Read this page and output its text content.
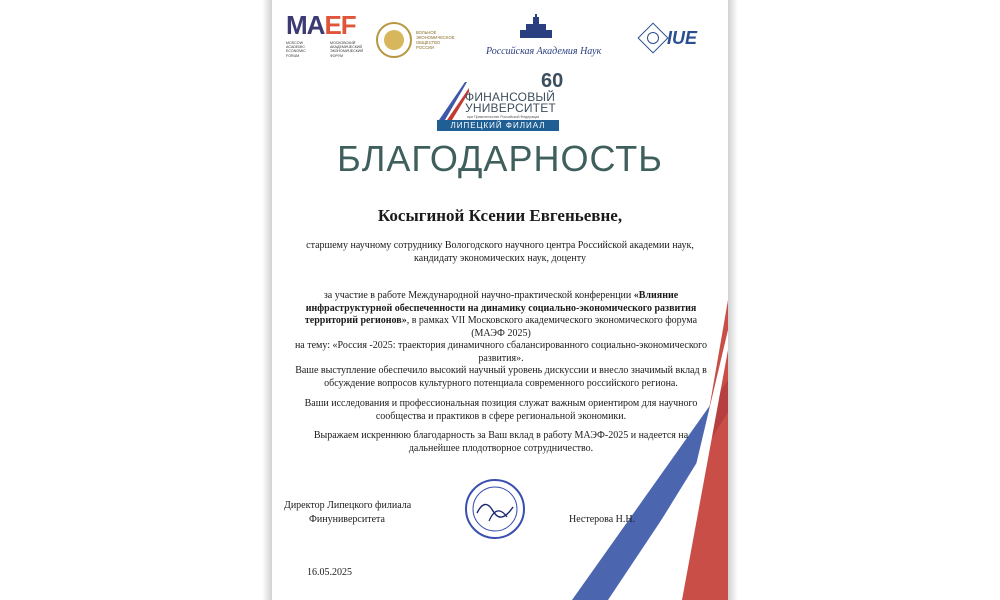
MAEF
MOSCOW
ACADEMIC
ECONOMIC
FORUM
МОСКОВСКИЙ
АКАДЕМИЧЕСКИЙ
ЭКОНОМИЧЕСКИЙ
ФОРУМ
ВОЛЬНОЕ
ЭКОНОМИЧЕСКОЕ
ОБЩЕСТВО
РОССИИ	Российская Академия Наук
IUE
60
ФИНАНСОВЫЙ
УНИВЕРСИТЕТ
при Правительстве Российской Федерации
ЛИПЕЦКИЙ ФИЛИАЛ
БЛАГОДАРНОСТЬ
Косыгиной Ксении Евгеньевне,
старшему научному сотруднику Вологодского научного центра Российской академии наук, кандидату экономических наук, доценту
за участие в работе Международной научно-практической конференции «Влияние инфраструктурной обеспеченности на динамику социально-экономического развития территорий регионов», в рамках VII Московского академического экономического форума (МАЭФ 2025)
на тему: «Россия -2025: траектория динамичного сбалансированного социально-экономического развития».
Ваше выступление обеспечило высокий научный уровень дискуссии и внесло значимый вклад в обсуждение вопросов культурного потенциала современного российского региона.
Ваши исследования и профессиональная позиция служат важным ориентиром для научного сообщества и практиков в сфере региональной экономики.
Выражаем искреннюю благодарность за Ваш вклад в работу МАЭФ-2025 и надеется на дальнейшее плодотворное сотрудничество.
Директор Липецкого филиала
Финуниверситета	Нестерова Н.Н.
16.05.2025
